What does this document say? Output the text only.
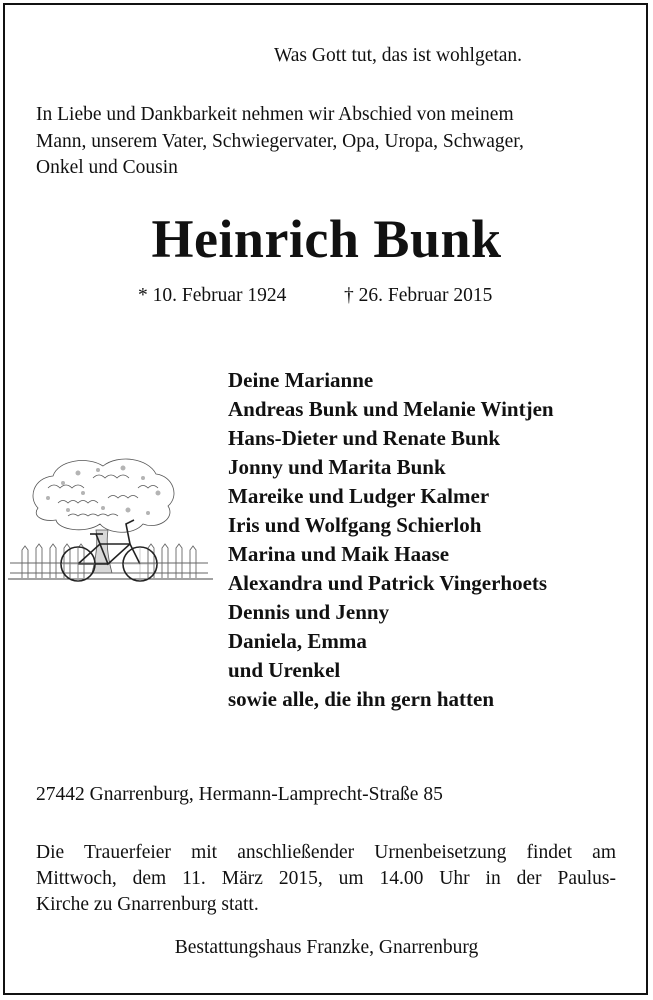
Was Gott tut, das ist wohlgetan.
In Liebe und Dankbarkeit nehmen wir Abschied von meinem
Mann, unserem Vater, Schwiegervater, Opa, Uropa, Schwager,
Onkel und Cousin
Heinrich Bunk
* 10. Februar 1924	† 26. Februar 2015
Deine Marianne
Andreas Bunk und Melanie Wintjen
Hans-Dieter und Renate Bunk
Jonny und Marita Bunk
Mareike und Ludger Kalmer
Iris und Wolfgang Schierloh
Marina und Maik Haase
Alexandra und Patrick Vingerhoets
Dennis und Jenny
Daniela, Emma
und Urenkel
sowie alle, die ihn gern hatten
27442 Gnarrenburg, Hermann-Lamprecht-Straße 85
Die Trauerfeier mit anschließender Urnenbeisetzung findet am
Mittwoch, dem 11. März 2015, um 14.00 Uhr in der Paulus-
Kirche zu Gnarrenburg statt.
Bestattungshaus Franzke, Gnarrenburg
